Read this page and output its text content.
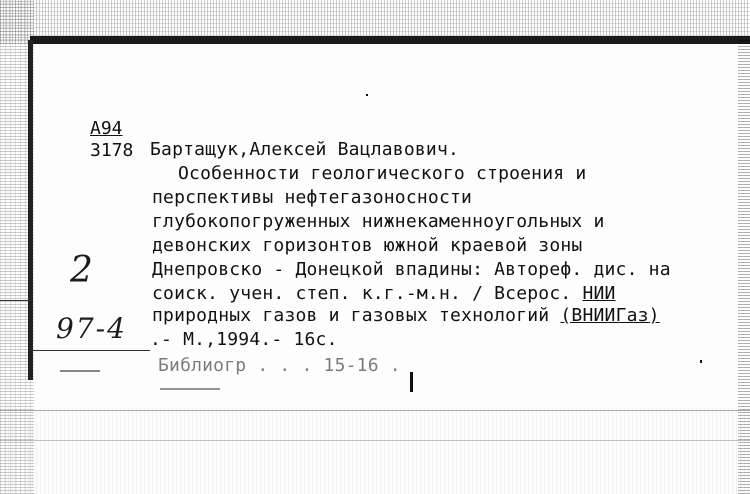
А94
3178 Бартащук,Алексей Вацлавович.
Особенности геологического строения и
перспективы нефтегазоносности
глубокопогруженных нижнекаменноугольных и
девонских горизонтов южной краевой зоны
Днепровско - Донецкой впадины: Автореф. дис. на
соиск. учен. степ. к.г.-м.н. / Всерос. НИИ
природных газов и газовых технологий (ВНИИГаз)
.- М.,1994.- 16с.
Библиогр . . . 15-16 .
2
97-4
